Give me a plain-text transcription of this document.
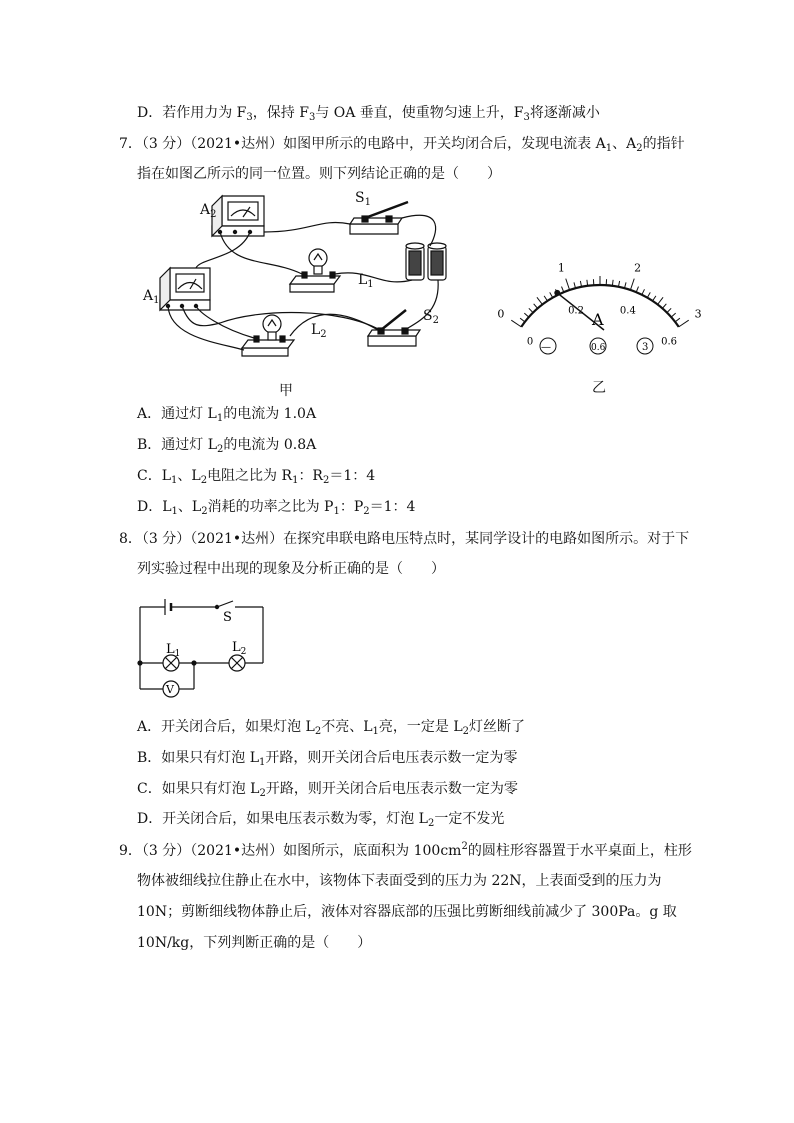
D．若作用力为 $F_3$，保持 $F_3$与 OA 垂直，使重物匀速上升，$F_3$将逐渐减小
7．（3 分）（2021•达州）如图甲所示的电路中，开关均闭合后，发现电流表 $A_1$、$A_2$的指针
指在如图乙所示的同一位置。则下列结论正确的是（　　）
$A_2$
$A_1$
$S_1$
$S_2$
$L_1$
$L_2$
甲
0
1	2
3
0
0.2	0.4
0.6
A
—	0.6	3
乙
A．通过灯 $L_1$的电流为 1.0A
B．通过灯 $L_2$的电流为 0.8A
C．$L_1$、$L_2$电阻之比为 $R_1$：$R_2=1$：4
D．$L_1$、$L_2$消耗的功率之比为 $P_1$：$P_2=1$：4
8．（3 分）（2021•达州）在探究串联电路电压特点时，某同学设计的电路如图所示。对于下
列实验过程中出现的现象及分析正确的是（　　）
S
$L_1$	$L_2$
V
A．开关闭合后，如果灯泡 $L_2$不亮、$L_1$亮，一定是 $L_2$灯丝断了
B．如果只有灯泡 $L_1$开路，则开关闭合后电压表示数一定为零
C．如果只有灯泡 $L_2$开路，则开关闭合后电压表示数一定为零
D．开关闭合后，如果电压表示数为零，灯泡 $L_2$一定不发光
9．（3 分）（2021•达州）如图所示，底面积为 $100cm^2$的圆柱形容器置于水平桌面上，柱形
物体被细线拉住静止在水中，该物体下表面受到的压力为 22N，上表面受到的压力为
10N；剪断细线物体静止后，液体对容器底部的压强比剪断细线前减少了 300Pa。g 取
10N/kg，下列判断正确的是（　　）
